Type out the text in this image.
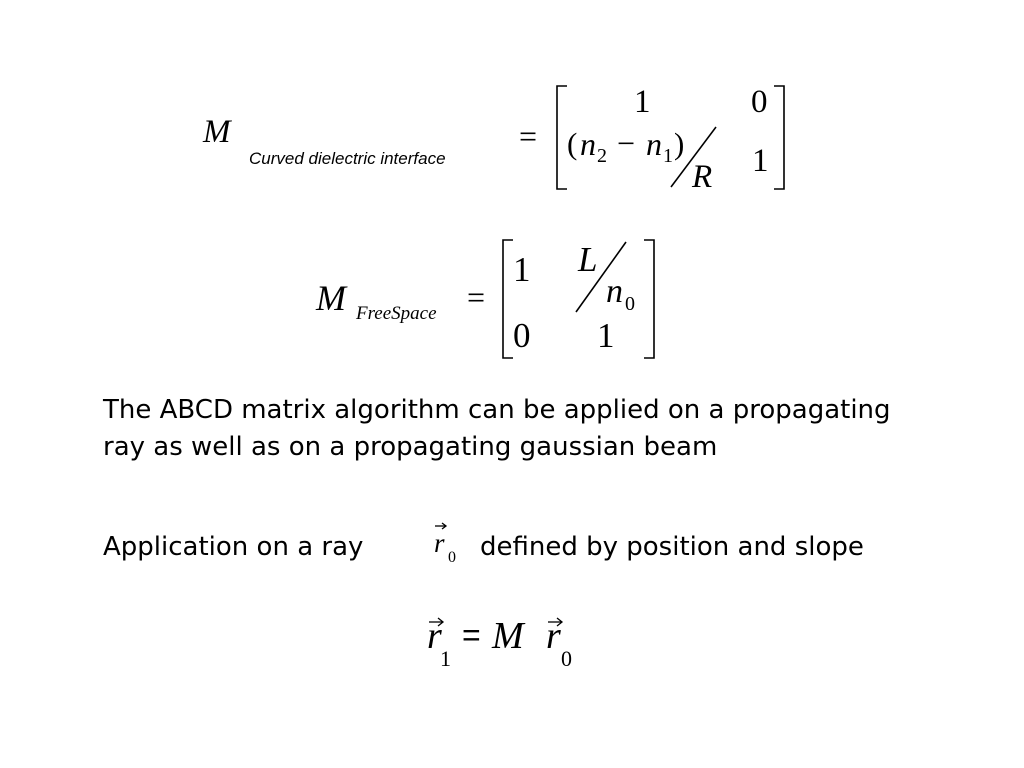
M
Curved dielectric interface
=
1	0
( n 2 − n 1 )
R 1
M FreeSpace =
1 L
n 0
0 1
The ABCD matrix algorithm can be applied on a propagating ray as well as on a propagating gaussian beam
Application on a ray	r 0 defined by position and slope
r
1
= M r
0
